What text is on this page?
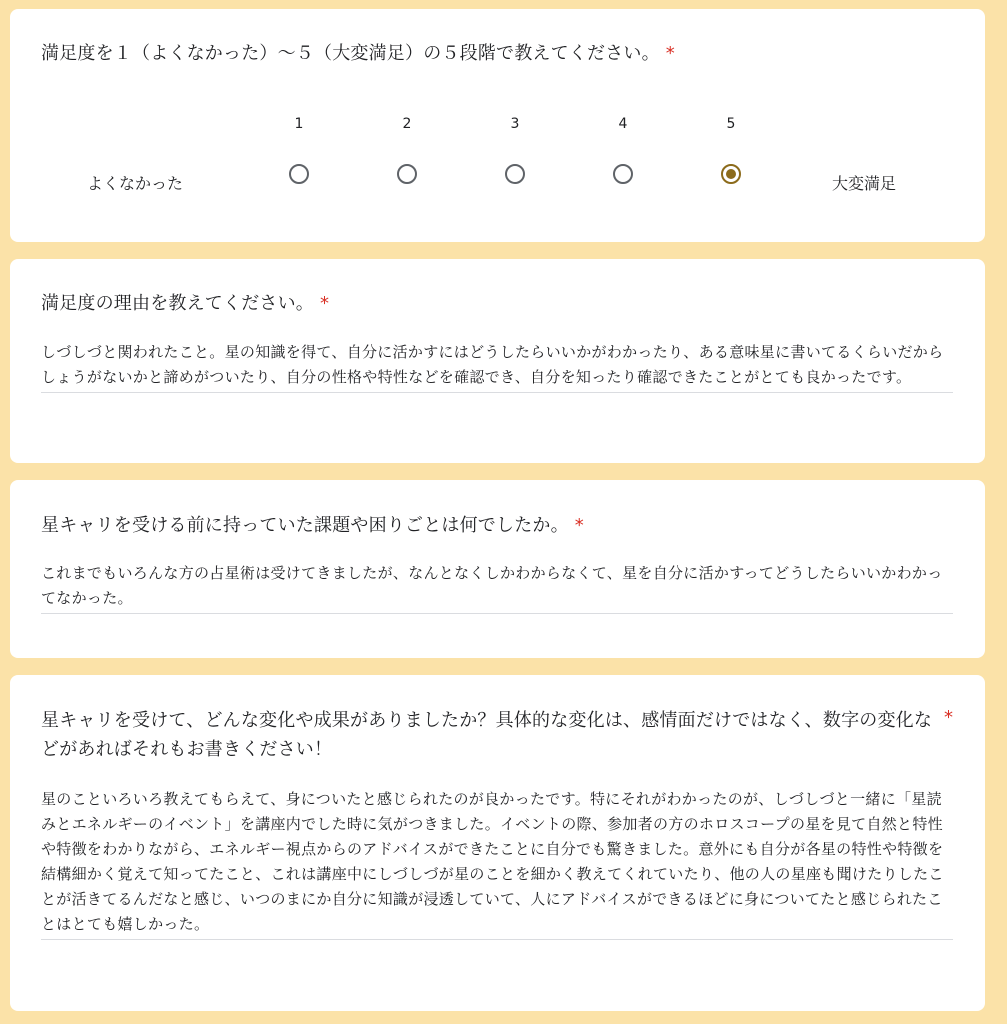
満足度を１（よくなかった）〜５（大変満足）の５段階で教えてください。 *
1	2	3	4	5
よくなかった	大変満足
満足度の理由を教えてください。 *
しづしづと関われたこと。星の知識を得て、自分に活かすにはどうしたらいいかがわかったり、ある意味星に書いてるくらいだからしょうがないかと諦めがついたり、自分の性格や特性などを確認でき、自分を知ったり確認できたことがとても良かったです。
星キャリを受ける前に持っていた課題や困りごとは何でしたか。 *
これまでもいろんな方の占星術は受けてきましたが、なんとなくしかわからなくて、星を自分に活かすってどうしたらいいかわかってなかった。
星キャリを受けて、どんな変化や成果がありましたか？具体的な変化は、感情面だけではなく、数字の変化などがあればそれもお書きください！
*
星のこといろいろ教えてもらえて、身についたと感じられたのが良かったです。特にそれがわかったのが、しづしづと一緒に「星読みとエネルギーのイベント」を講座内でした時に気がつきました。イベントの際、参加者の方のホロスコープの星を見て自然と特性や特徴をわかりながら、エネルギー視点からのアドバイスができたことに自分でも驚きました。意外にも自分が各星の特性や特徴を結構細かく覚えて知ってたこと、これは講座中にしづしづが星のことを細かく教えてくれていたり、他の人の星座も聞けたりしたことが活きてるんだなと感じ、いつのまにか自分に知識が浸透していて、人にアドバイスができるほどに身についてたと感じられたことはとても嬉しかった。
